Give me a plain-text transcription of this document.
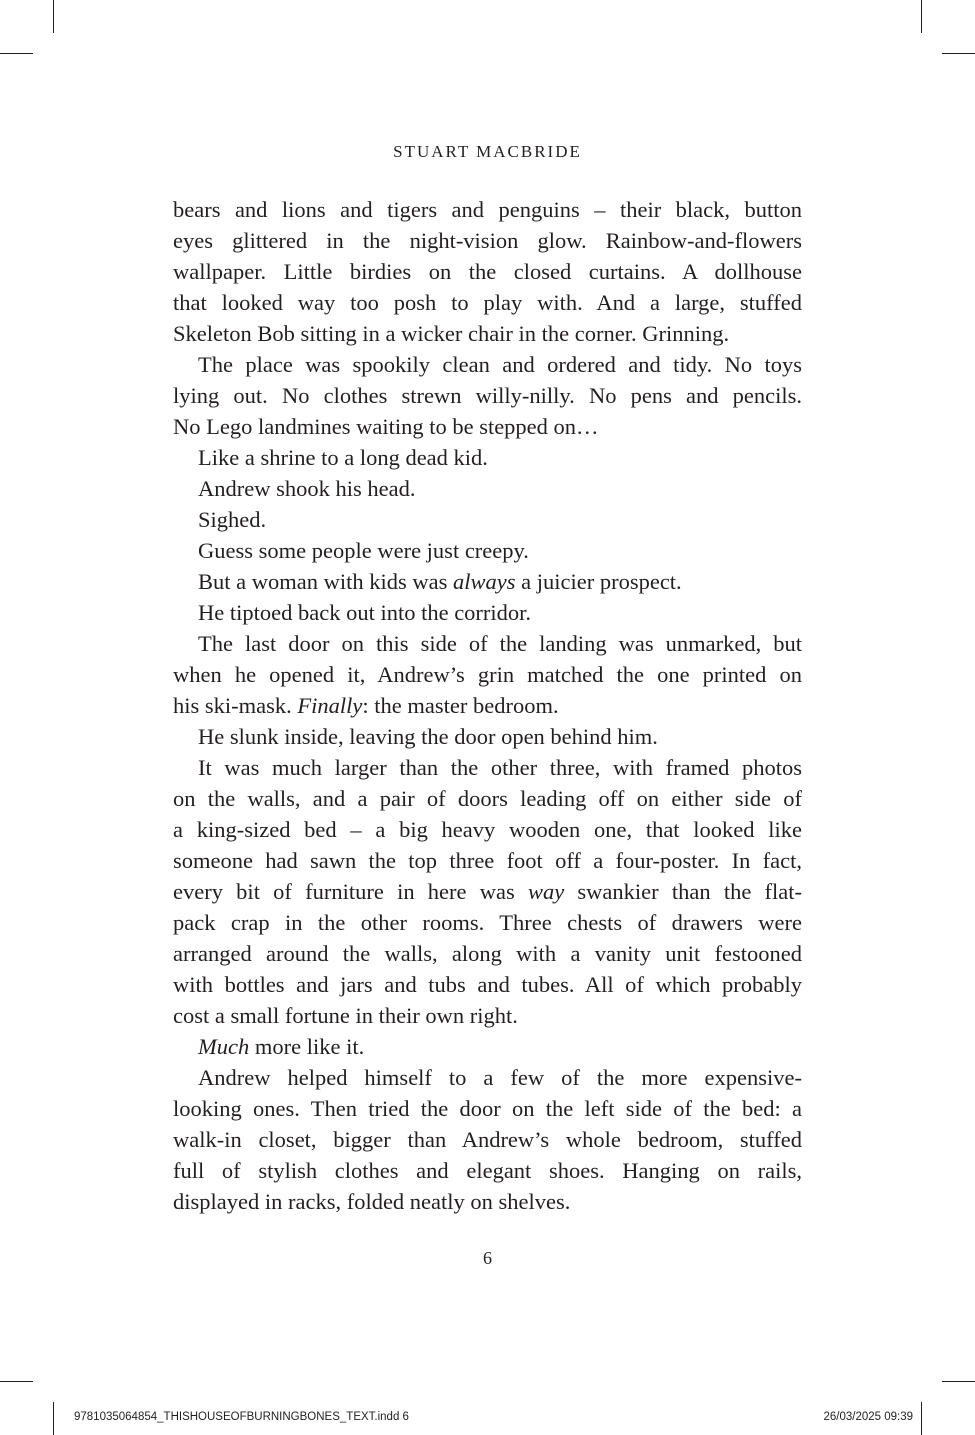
STUART MACBRIDE
bears and lions and tigers and penguins – their black, button
eyes glittered in the night-vision glow. Rainbow-and-flowers
wallpaper. Little birdies on the closed curtains. A dollhouse
that looked way too posh to play with. And a large, stuffed
Skeleton Bob sitting in a wicker chair in the corner. Grinning.
The place was spookily clean and ordered and tidy. No toys
lying out. No clothes strewn willy-nilly. No pens and pencils.
No Lego landmines waiting to be stepped on…
Like a shrine to a long dead kid.
Andrew shook his head.
Sighed.
Guess some people were just creepy.
But a woman with kids was always a juicier prospect.
He tiptoed back out into the corridor.
The last door on this side of the landing was unmarked, but
when he opened it, Andrew’s grin matched the one printed on
his ski-mask. Finally: the master bedroom.
He slunk inside, leaving the door open behind him.
It was much larger than the other three, with framed photos
on the walls, and a pair of doors leading off on either side of
a king-sized bed – a big heavy wooden one, that looked like
someone had sawn the top three foot off a four-poster. In fact,
every bit of furniture in here was way swankier than the flat-
pack crap in the other rooms. Three chests of drawers were
arranged around the walls, along with a vanity unit festooned
with bottles and jars and tubs and tubes. All of which probably
cost a small fortune in their own right.
Much more like it.
Andrew helped himself to a few of the more expensive-
looking ones. Then tried the door on the left side of the bed: a
walk-in closet, bigger than Andrew’s whole bedroom, stuffed
full of stylish clothes and elegant shoes. Hanging on rails,
displayed in racks, folded neatly on shelves.
6
9781035064854_THISHOUSEOFBURNINGBONES_TEXT.indd 6	26/03/2025 09:39
